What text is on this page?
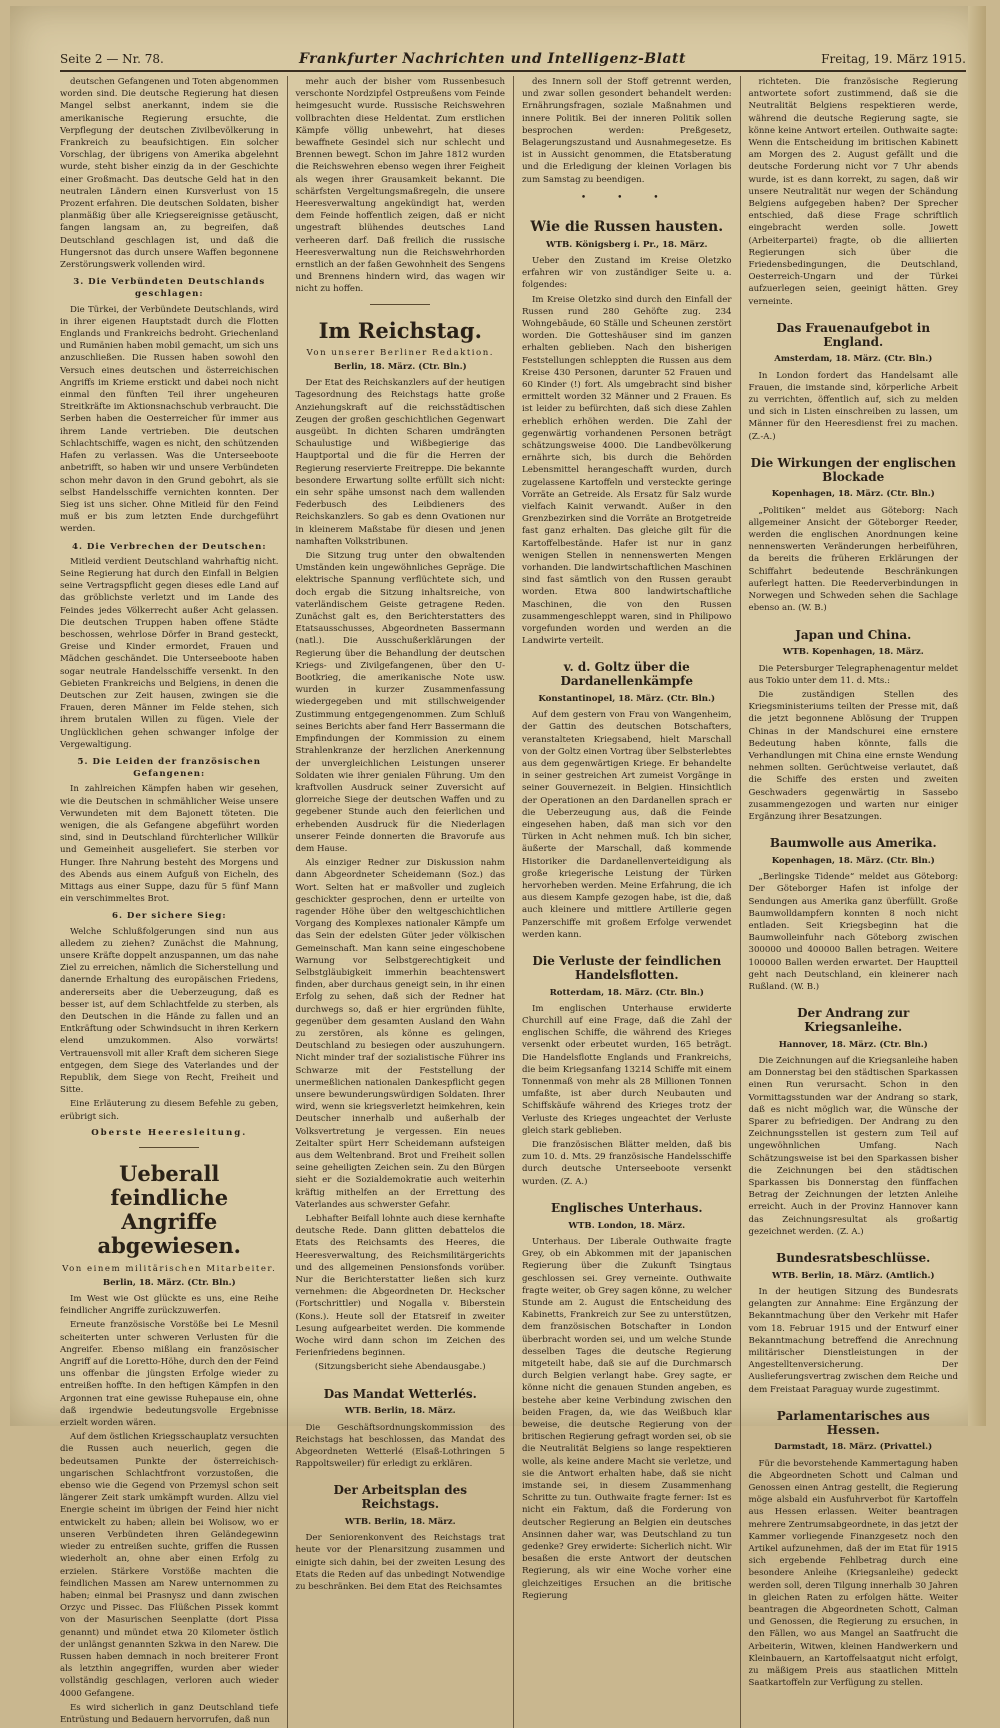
Seite 2 — Nr. 78.	Frankfurter Nachrichten und Intelligenz-Blatt	Freitag, 19. März 1915.

deutschen Gefangenen und Toten abgenommen worden sind. Die deutsche Regierung hat diesen Mangel selbst anerkannt, indem sie die amerikanische Regierung ersuchte, die Verpflegung der deutschen Zivilbevölkerung in Frankreich zu beaufsichtigen. Ein solcher Vorschlag, der übrigens von Amerika abgelehnt wurde, steht bisher einzig da in der Geschichte einer Großmacht. Das deutsche Geld hat in den neutralen Ländern einen Kursverlust von 15 Prozent erfahren. Die deutschen Soldaten, bisher planmäßig über alle Kriegsereignisse getäuscht, fangen langsam an, zu begreifen, daß Deutschland geschlagen ist, und daß die Hungersnot das durch unsere Waffen begonnene Zerstörungswerk vollenden wird.

3. Die Verbündeten Deutschlands geschlagen:

Die Türkei, der Verbündete Deutschlands, wird in ihrer eigenen Hauptstadt durch die Flotten Englands und Frankreichs bedroht. Griechenland und Rumänien haben mobil gemacht, um sich uns anzuschließen. Die Russen haben sowohl den Versuch eines deutschen und österreichischen Angriffs im Krieme erstickt und dabei noch nicht einmal den fünften Teil ihrer ungeheuren Streitkräfte im Aktionsnachschub verbraucht. Die Serben haben die Oesterreicher für immer aus ihrem Lande vertrieben. Die deutschen Schlachtschiffe, wagen es nicht, den schützenden Hafen zu verlassen. Was die Unterseeboote anbetrifft, so haben wir und unsere Verbündeten schon mehr davon in den Grund gebohrt, als sie selbst Handelsschiffe vernichten konnten. Der Sieg ist uns sicher. Ohne Mitleid für den Feind muß er bis zum letzten Ende durchgeführt werden.

4. Die Verbrechen der Deutschen:

Mitleid verdient Deutschland wahrhaftig nicht. Seine Regierung hat durch den Einfall in Belgien seine Vertragspflicht gegen dieses edle Land auf das gröblichste verletzt und im Lande des Feindes jedes Völkerrecht außer Acht gelassen. Die deutschen Truppen haben offene Städte beschossen, wehrlose Dörfer in Brand gesteckt, Greise und Kinder ermordet, Frauen und Mädchen geschändet. Die Unterseeboote haben sogar neutrale Handelsschiffe versenkt. In den Gebieten Frankreichs und Belgiens, in denen die Deutschen zur Zeit hausen, zwingen sie die Frauen, deren Männer im Felde stehen, sich ihrem brutalen Willen zu fügen. Viele der Unglücklichen gehen schwanger infolge der Vergewaltigung.

5. Die Leiden der französischen Gefangenen:

In zahlreichen Kämpfen haben wir gesehen, wie die Deutschen in schmählicher Weise unsere Verwundeten mit dem Bajonett töteten. Die wenigen, die als Gefangene abgeführt worden sind, sind in Deutschland fürchterlicher Willkür und Gemeinheit ausgeliefert. Sie sterben vor Hunger. Ihre Nahrung besteht des Morgens und des Abends aus einem Aufguß von Eicheln, des Mittags aus einer Suppe, dazu für 5 fünf Mann ein verschimmeltes Brot.

6. Der sichere Sieg:

Welche Schlußfolgerungen sind nun aus alledem zu ziehen? Zunächst die Mahnung, unsere Kräfte doppelt anzuspannen, um das nahe Ziel zu erreichen, nämlich die Sicherstellung und danernde Erhaltung des europäischen Friedens, andererseits aber die Ueberzeugung, daß es besser ist, auf dem Schlachtfelde zu sterben, als den Deutschen in die Hände zu fallen und an Entkräftung oder Schwindsucht in ihren Kerkern elend umzukommen. Also vorwärts! Vertrauensvoll mit aller Kraft dem sicheren Siege entgegen, dem Siege des Vaterlandes und der Republik, dem Siege von Recht, Freiheit und Sitte.

Eine Erläuterung zu diesem Befehle zu geben, erübrigt sich.

Oberste Heeresleitung.
Ueberall feindliche Angriffe abgewiesen.
Von einem militärischen Mitarbeiter.
Berlin, 18. März. (Ctr. Bln.)

Im West wie Ost glückte es uns, eine Reihe feindlicher Angriffe zurückzuwerfen.

Erneute französische Vorstöße bei Le Mesnil scheiterten unter schweren Verlusten für die Angreifer. Ebenso mißlang ein französischer Angriff auf die Loretto-Höhe, durch den der Feind uns offenbar die jüngsten Erfolge wieder zu entreißen hoffte. In den heftigen Kämpfen in den Argonnen trat eine gewisse Ruhepause ein, ohne daß irgendwie bedeutungsvolle Ergebnisse erzielt worden wären.

Auf dem östlichen Kriegsschauplatz versuchten die Russen auch neuerlich, gegen die bedeutsamen Punkte der österreichisch-ungarischen Schlachtfront vorzustoßen, die ebenso wie die Gegend von Przemysl schon seit längerer Zeit stark umkämpft wurden. Allzu viel Energie scheint im übrigen der Feind hier nicht entwickelt zu haben; allein bei Wolisow, wo er unseren Verbündeten ihren Geländegewinn wieder zu entreißen suchte, griffen die Russen wiederholt an, ohne aber einen Erfolg zu erzielen. Stärkere Vorstöße machten die feindlichen Massen am Narew unternommen zu haben; einmal bei Prasnysz und dann zwischen Orzyc und Pissec. Das Flüßchen Pissek kommt von der Masurischen Seenplatte (dort Pissa genannt) und mündet etwa 20 Kilometer östlich der unlängst genannten Szkwa in den Narew. Die Russen haben demnach in noch breiterer Front als letzthin angegriffen, wurden aber wieder vollständig geschlagen, verloren auch wieder 4000 Gefangene.

Es wird sicherlich in ganz Deutschland tiefe Entrüstung und Bedauern hervorrufen, daß nun

mehr auch der bisher vom Russenbesuch verschonte Nordzipfel Ostpreußens vom Feinde heimgesucht wurde. Russische Reichswehren vollbrachten diese Heldentat. Zum erstlichen Kämpfe völlig unbewehrt, hat dieses bewaffnete Gesindel sich nur schlecht und Brennen bewegt. Schon im Jahre 1812 wurden die Reichswehren ebenso wegen ihrer Feigheit als wegen ihrer Grausamkeit bekannt. Die schärfsten Vergeltungsmaßregeln, die unsere Heeresverwaltung angekündigt hat, werden dem Feinde hoffentlich zeigen, daß er nicht ungestraft blühendes deutsches Land verheeren darf. Daß freilich die russische Heeresverwaltung nun die Reichswehrhorden ernstlich an der faßen Gewohnheit des Sengens und Brennens hindern wird, das wagen wir nicht zu hoffen.

Im Reichstag.
Von unserer Berliner Redaktion.
Berlin, 18. März. (Ctr. Bln.)

Der Etat des Reichskanzlers auf der heutigen Tagesordnung des Reichstags hatte große Anziehungskraft auf die reichsstädtischen Zeugen der großen geschichtlichen Gegenwart ausgeübt. In dichten Scharen umdrängten Schaulustige und Wißbegierige das Hauptportal und die für die Herren der Regierung reservierte Freitreppe. Die bekannte besondere Erwartung sollte erfüllt sich nicht: ein sehr spähe umsonst nach dem wallenden Federbusch des Leibdieners des Reichskanzlers. So gab es denn Ovationen nur in kleinerem Maßstabe für diesen und jenen namhaften Volkstribunen.

Die Sitzung trug unter den obwaltenden Umständen kein ungewöhnliches Gepräge. Die elektrische Spannung verflüchtete sich, und doch ergab die Sitzung inhaltsreiche, von vaterländischem Geiste getragene Reden. Zunächst galt es, den Berichterstatters des Etatsausschusses, Abgeordneten Bassermann (natl.). Die Ausschußerklärungen der Regierung über die Behandlung der deutschen Kriegs- und Zivilgefangenen, über den U-Bootkrieg, die amerikanische Note usw. wurden in kurzer Zusammenfassung wiedergegeben und mit stillschweigender Zustimmung entgegengenommen. Zum Schluß seines Berichts aber fand Herr Bassermann die Empfindungen der Kommission zu einem Strahlenkranze der herzlichen Anerkennung der unvergleichlichen Leistungen unserer Soldaten wie ihrer genialen Führung. Um den kraftvollen Ausdruck seiner Zuversicht auf glorreiche Siege der deutschen Waffen und zu gegebener Stunde auch den feierlichen und erhebenden Ausdruck für die Niederlagen unserer Feinde donnerten die Bravorufe aus dem Hause.

Als einziger Redner zur Diskussion nahm dann Abgeordneter Scheidemann (Soz.) das Wort. Selten hat er maßvoller und zugleich geschickter gesprochen, denn er urteilte von ragender Höhe über den weltgeschichtlichen Vorgang des Komplexes nationaler Kämpfe um das Sein der edelsten Güter jeder völkischen Gemeinschaft. Man kann seine eingeschobene Warnung vor Selbstgerechtigkeit und Selbstgläubigkeit immerhin beachtenswert finden, aber durchaus geneigt sein, in ihr einen Erfolg zu sehen, daß sich der Redner hat durchwegs so, daß er hier ergründen fühlte, gegenüber dem gesamten Ausland den Wahn zu zerstören, als könne es gelingen, Deutschland zu besiegen oder auszuhungern. Nicht minder traf der sozialistische Führer ins Schwarze mit der Feststellung der unermeßlichen nationalen Dankespflicht gegen unsere bewunderungswürdigen Soldaten. Ihrer wird, wenn sie kriegsverletzt heimkehren, kein Deutscher innerhalb und außerhalb der Volksvertretung je vergessen. Ein neues Zeitalter spürt Herr Scheidemann aufsteigen aus dem Weltenbrand. Brot und Freiheit sollen seine geheiligten Zeichen sein. Zu den Bürgen sieht er die Sozialdemokratie auch weiterhin kräftig mithelfen an der Errettung des Vaterlandes aus schwerster Gefahr.

Lebhafter Beifall lohnte auch diese kernhafte deutsche Rede. Dann glitten debattelos die Etats des Reichsamts des Heeres, die Heeresverwaltung, des Reichsmilitärgerichts und des allgemeinen Pensionsfonds vorüber. Nur die Berichterstatter ließen sich kurz vernehmen: die Abgeordneten Dr. Heckscher (Fortschrittler) und Nogalla v. Biberstein (Kons.). Heute soll der Etatsreif in zweiter Lesung aufgearbeitet werden. Die kommende Woche wird dann schon im Zeichen des Ferienfriedens beginnen.

(Sitzungsbericht siehe Abendausgabe.)

Das Mandat Wetterlés.
WTB. Berlin, 18. März.

Die Geschäftsordnungskommission des Reichstags hat beschlossen, das Mandat des Abgeordneten Wetterlé (Elsaß-Lothringen 5 Rappoltsweiler) für erledigt zu erklären.

Der Arbeitsplan des Reichstags.
WTB. Berlin, 18. März.

Der Seniorenkonvent des Reichstags trat heute vor der Plenarsitzung zusammen und einigte sich dahin, bei der zweiten Lesung des Etats die Reden auf das unbedingt Notwendige zu beschränken. Bei dem Etat des Reichsamtes

des Innern soll der Stoff getrennt werden, und zwar sollen gesondert behandelt werden: Ernährungsfragen, soziale Maßnahmen und innere Politik. Bei der inneren Politik sollen besprochen werden: Preßgesetz, Belagerungszustand und Ausnahmegesetze. Es ist in Aussicht genommen, die Etatsberatung und die Erledigung der kleinen Vorlagen bis zum Samstag zu beendigen.

• • •
Wie die Russen hausten.
WTB. Königsberg i. Pr., 18. März.

Ueber den Zustand im Kreise Oletzko erfahren wir von zuständiger Seite u. a. folgendes:

Im Kreise Oletzko sind durch den Einfall der Russen rund 280 Gehöfte zug. 234 Wohngebäude, 60 Ställe und Scheunen zerstört worden. Die Gotteshäuser sind im ganzen erhalten geblieben. Nach den bisherigen Feststellungen schleppten die Russen aus dem Kreise 430 Personen, darunter 52 Frauen und 60 Kinder (!) fort. Als umgebracht sind bisher ermittelt worden 32 Männer und 2 Frauen. Es ist leider zu befürchten, daß sich diese Zahlen erheblich erhöhen werden. Die Zahl der gegenwärtig vorhandenen Personen beträgt schätzungsweise 4000. Die Landbevölkerung ernährte sich, bis durch die Behörden Lebensmittel herangeschafft wurden, durch zugelassene Kartoffeln und versteckte geringe Vorräte an Getreide. Als Ersatz für Salz wurde vielfach Kainit verwandt. Außer in den Grenzbezirken sind die Vorräte an Brotgetreide fast ganz erhalten. Das gleiche gilt für die Kartoffelbestände. Hafer ist nur in ganz wenigen Stellen in nennenswerten Mengen vorhanden. Die landwirtschaftlichen Maschinen sind fast sämtlich von den Russen geraubt worden. Etwa 800 landwirtschaftliche Maschinen, die von den Russen zusammengeschleppt waren, sind in Philipowo vorgefunden worden und werden an die Landwirte verteilt.

v. d. Goltz über die Dardanellenkämpfe
Konstantinopel, 18. März. (Ctr. Bln.)

Auf dem gestern von Frau von Wangenheim, der Gattin des deutschen Botschafters, veranstalteten Kriegsabend, hielt Marschall von der Goltz einen Vortrag über Selbsterlebtes aus dem gegenwärtigen Kriege. Er behandelte in seiner gestreichen Art zumeist Vorgänge in seiner Gouvernezeit. in Belgien. Hinsichtlich der Operationen an den Dardanellen sprach er die Ueberzeugung aus, daß die Feinde eingesehen haben, daß man sich vor den Türken in Acht nehmen muß. Ich bin sicher, äußerte der Marschall, daß kommende Historiker die Dardanellenverteidigung als große kriegerische Leistung der Türken hervorheben werden. Meine Erfahrung, die ich aus diesem Kampfe gezogen habe, ist die, daß auch kleinere und mittlere Artillerie gegen Panzerschiffe mit großem Erfolge verwendet werden kann.

Die Verluste der feindlichen Handelsflotten.
Rotterdam, 18. März. (Ctr. Bln.)

Im englischen Unterhause erwiderte Churchill auf eine Frage, daß die Zahl der englischen Schiffe, die während des Krieges versenkt oder erbeutet wurden, 165 beträgt. Die Handelsflotte Englands und Frankreichs, die beim Kriegsanfang 13214 Schiffe mit einem Tonnenmaß von mehr als 28 Millionen Tonnen umfaßte, ist aber durch Neubauten und Schiffskäufe während des Krieges trotz der Verluste des Krieges ungeachtet der Verluste gleich stark geblieben.

Die französischen Blätter melden, daß bis zum 10. d. Mts. 29 französische Handelsschiffe durch deutsche Unterseeboote versenkt wurden. (Z. A.)

Englisches Unterhaus.
WTB. London, 18. März.

Unterhaus. Der Liberale Outhwaite fragte Grey, ob ein Abkommen mit der japanischen Regierung über die Zukunft Tsingtaus geschlossen sei. Grey verneinte. Outhwaite fragte weiter, ob Grey sagen könne, zu welcher Stunde am 2. August die Entscheidung des Kabinetts, Frankreich zur See zu unterstützen, dem französischen Botschafter in London überbracht worden sei, und um welche Stunde desselben Tages die deutsche Regierung mitgeteilt habe, daß sie auf die Durchmarsch durch Belgien verlangt habe. Grey sagte, er könne nicht die genauen Stunden angeben, es bestehe aber keine Verbindung zwischen den beiden Fragen, da, wie das Weißbuch klar beweise, die deutsche Regierung von der britischen Regierung gefragt worden sei, ob sie die Neutralität Belgiens so lange respektieren wolle, als keine andere Macht sie verletze, und sie die Antwort erhalten habe, daß sie nicht imstande sei, in diesem Zusammenhang Schritte zu tun. Outhwaite fragte ferner: Ist es nicht ein Faktum, daß die Forderung von deutscher Regierung an Belgien ein deutsches Ansinnen daher war, was Deutschland zu tun gedenke? Grey erwiderte: Sicherlich nicht. Wir besaßen die erste Antwort der deutschen Regierung, als wir eine Woche vorher eine gleichzeitiges Ersuchen an die britische Regierung

richteten. Die französische Regierung antwortete sofort zustimmend, daß sie die Neutralität Belgiens respektieren werde, während die deutsche Regierung sagte, sie könne keine Antwort erteilen. Outhwaite sagte: Wenn die Entscheidung im britischen Kabinett am Morgen des 2. August gefällt und die deutsche Forderung nicht vor 7 Uhr abends wurde, ist es dann korrekt, zu sagen, daß wir unsere Neutralität nur wegen der Schändung Belgiens aufgegeben haben? Der Sprecher entschied, daß diese Frage schriftlich eingebracht werden solle. Jowett (Arbeiterpartei) fragte, ob die alliierten Regierungen sich über die Friedensbedingungen, die Deutschland, Oesterreich-Ungarn und der Türkei aufzuerlegen seien, geeinigt hätten. Grey verneinte.

Das Frauenaufgebot in England.
Amsterdam, 18. März. (Ctr. Bln.)

In London fordert das Handelsamt alle Frauen, die imstande sind, körperliche Arbeit zu verrichten, öffentlich auf, sich zu melden und sich in Listen einschreiben zu lassen, um Männer für den Heeresdienst frei zu machen. (Z.-A.)

Die Wirkungen der englischen Blockade
Kopenhagen, 18. März. (Ctr. Bln.)

„Politiken“ meldet aus Göteborg: Nach allgemeiner Ansicht der Göteborger Reeder, werden die englischen Anordnungen keine nennenswerten Veränderungen herbeiführen, da bereits die früheren Erklärungen der Schiffahrt bedeutende Beschränkungen auferlegt hatten. Die Reederverbindungen in Norwegen und Schweden sehen die Sachlage ebenso an. (W. B.)

Japan und China.
WTB. Kopenhagen, 18. März.

Die Petersburger Telegraphenagentur meldet aus Tokio unter dem 11. d. Mts.:

Die zuständigen Stellen des Kriegsministeriums teilten der Presse mit, daß die jetzt begonnene Ablösung der Truppen Chinas in der Mandschurei eine ernstere Bedeutung haben könnte, falls die Verhandlungen mit China eine ernste Wendung nehmen sollten. Gerüchtweise verlautet, daß die Schiffe des ersten und zweiten Geschwaders gegenwärtig in Sassebo zusammengezogen und warten nur einiger Ergänzung ihrer Besatzungen.

Baumwolle aus Amerika.
Kopenhagen, 18. März. (Ctr. Bln.)

„Berlingske Tidende“ meldet aus Göteborg: Der Göteborger Hafen ist infolge der Sendungen aus Amerika ganz überfüllt. Große Baumwolldampfern konnten 8 noch nicht entladen. Seit Kriegsbeginn hat die Baumwolleinfuhr nach Göteborg zwischen 300000 und 400000 Ballen betragen. Weitere 100000 Ballen werden erwartet. Der Hauptteil geht nach Deutschland, ein kleinerer nach Rußland. (W. B.)

Der Andrang zur Kriegsanleihe.
Hannover, 18. März. (Ctr. Bln.)

Die Zeichnungen auf die Kriegsanleihe haben am Donnerstag bei den städtischen Sparkassen einen Run verursacht. Schon in den Vormittagsstunden war der Andrang so stark, daß es nicht möglich war, die Wünsche der Sparer zu befriedigen. Der Andrang zu den Zeichnungsstellen ist gestern zum Teil auf ungewöhnlichen Umfang. Nach Schätzungsweise ist bei den Sparkassen bisher die Zeichnungen bei den städtischen Sparkassen bis Donnerstag den fünffachen Betrag der Zeichnungen der letzten Anleihe erreicht. Auch in der Provinz Hannover kann das Zeichnungsresultat als großartig gezeichnet werden. (Z. A.)

Bundesratsbeschlüsse.
WTB. Berlin, 18. März. (Amtlich.)

In der heutigen Sitzung des Bundesrats gelangten zur Annahme: Eine Ergänzung der Bekanntmachung über den Verkehr mit Hafer vom 18. Februar 1915 und der Entwurf einer Bekanntmachung betreffend die Anrechnung militärischer Dienstleistungen in der Angestelltenversicherung. Der Auslieferungsvertrag zwischen dem Reiche und dem Freistaat Paraguay wurde zugestimmt.

Parlamentarisches aus Hessen.
Darmstadt, 18. März. (Privattel.)

Für die bevorstehende Kammertagung haben die Abgeordneten Schott und Calman und Genossen einen Antrag gestellt, die Regierung möge alsbald ein Ausfuhrverbot für Kartoffeln aus Hessen erlassen. Weiter beantragen mehrere Zentrumsabgeordnete, in das jetzt der Kammer vorliegende Finanzgesetz noch den Artikel aufzunehmen, daß der im Etat für 1915 sich ergebende Fehlbetrag durch eine besondere Anleihe (Kriegsanleihe) gedeckt werden soll, deren Tilgung innerhalb 30 Jahren in gleichen Raten zu erfolgen hätte. Weiter beantragen die Abgeordneten Schott, Calman und Genossen, die Regierung zu ersuchen, in den Fällen, wo aus Mangel an Saatfrucht die Arbeiterin, Witwen, kleinen Handwerkern und Kleinbauern, an Kartoffelsaatgut nicht erfolgt, zu mäßigem Preis aus staatlichen Mitteln Saatkartoffeln zur Verfügung zu stellen.
